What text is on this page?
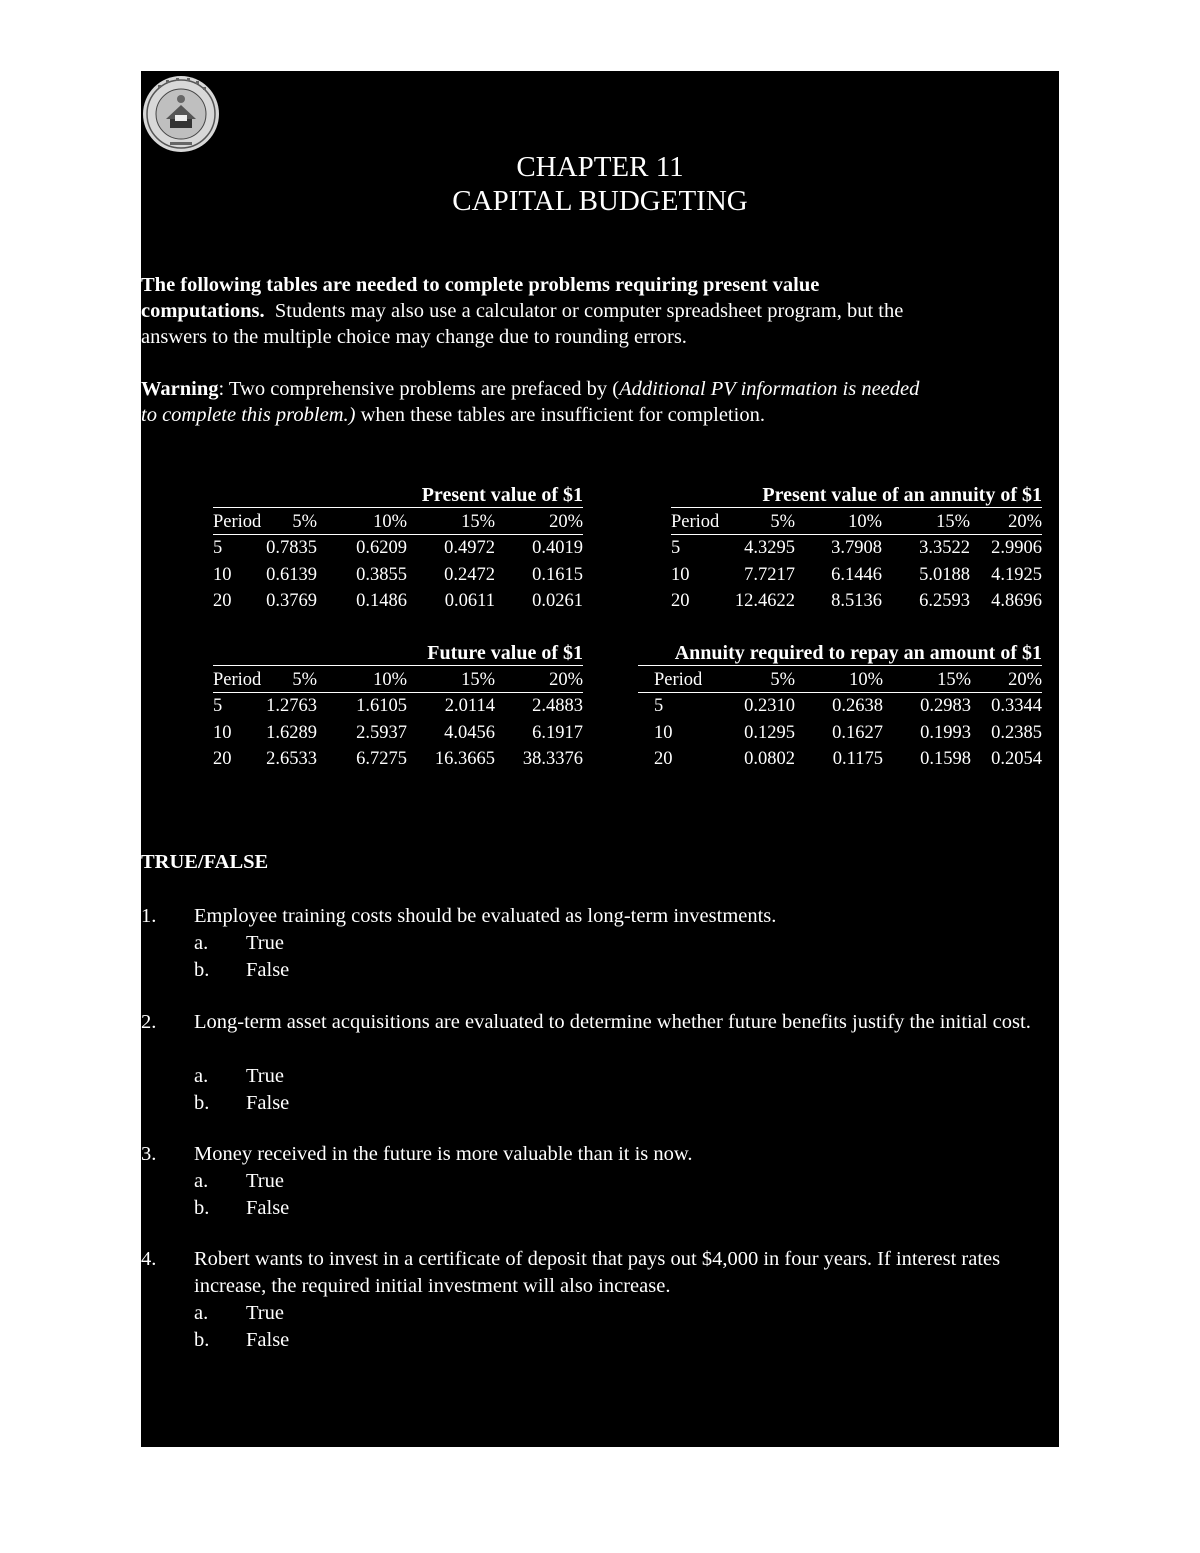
CHAPTER 11
CAPITAL BUDGETING
The following tables are needed to complete problems requiring present value
computations. Students may also use a calculator or computer spreadsheet program, but the
answers to the multiple choice may change due to rounding errors.
Warning: Two comprehensive problems are prefaced by (Additional PV information is needed
to complete this problem.) when these tables are insufficient for completion.
Present value of $1
Period 5%	10%	15%	20%
5 0.7835 0.6209 0.4972 0.4019
10 0.6139 0.3855 0.2472 0.1615
20 0.3769 0.1486 0.0611 0.0261
Present value of an annuity of $1
Period	5%	10%	15% 20%
5	4.3295 3.7908 3.3522 2.9906
10	7.7217 6.1446 5.0188 4.1925
20 12.4622 8.5136 6.2593 4.8696
Future value of $1
Period 5%	10%	15%	20%
5 1.2763 1.6105 2.0114 2.4883
10 1.6289 2.5937 4.0456 6.1917
20 2.6533 6.7275 16.3665 38.3376
Annuity required to repay an amount of $1
Period	5%	10%	15% 20%
5	0.2310 0.2638 0.2983 0.3344
10	0.1295 0.1627 0.1993 0.2385
20	0.0802 0.1175 0.1598 0.2054
TRUE/FALSE
1. Employee training costs should be evaluated as long-term investments.
a. True
b. False
2. Long-term asset acquisitions are evaluated to determine whether future benefits justify the initial cost.
a. True
b. False
3. Money received in the future is more valuable than it is now.
a. True
b. False
4. Robert wants to invest in a certificate of deposit that pays out $4,000 in four years. If interest rates increase, the required initial investment will also increase.
a. True
b. False
